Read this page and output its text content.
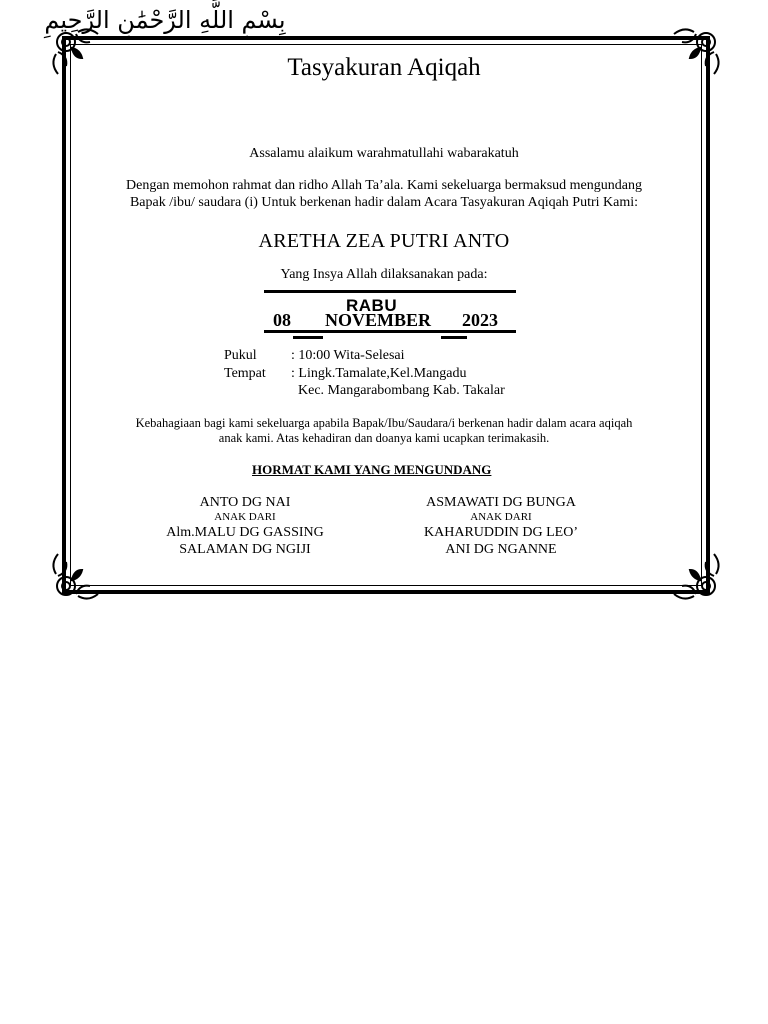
Tasyakuran Aqiqah
بِسْمِ اللَّهِ الرَّحْمَٰنِ الرَّحِيمِ
Assalamu alaikum warahmatullahi wabarakatuh
Dengan memohon rahmat dan ridho Allah Ta’ala. Kami sekeluarga bermaksud mengundang
Bapak /ibu/ saudara (i) Untuk berkenan hadir dalam Acara Tasyakuran Aqiqah Putri Kami:
ARETHA ZEA PUTRI ANTO
Yang Insya Allah dilaksanakan pada:
RABU
08 NOVEMBER 2023
Pukul : 10:00 Wita-Selesai
Tempat : Lingk.Tamalate,Kel.Mangadu
Kec. Mangarabombang Kab. Takalar
Kebahagiaan bagi kami sekeluarga apabila Bapak/Ibu/Saudara/i berkenan hadir dalam acara aqiqah
anak kami. Atas kehadiran dan doanya kami ucapkan terimakasih.
HORMAT KAMI YANG MENGUNDANG
ANTO DG NAI
ANAK DARI
Alm.MALU DG GASSING
SALAMAN DG NGIJI
ASMAWATI DG BUNGA
ANAK DARI
KAHARUDDIN DG LEO’
ANI DG NGANNE
